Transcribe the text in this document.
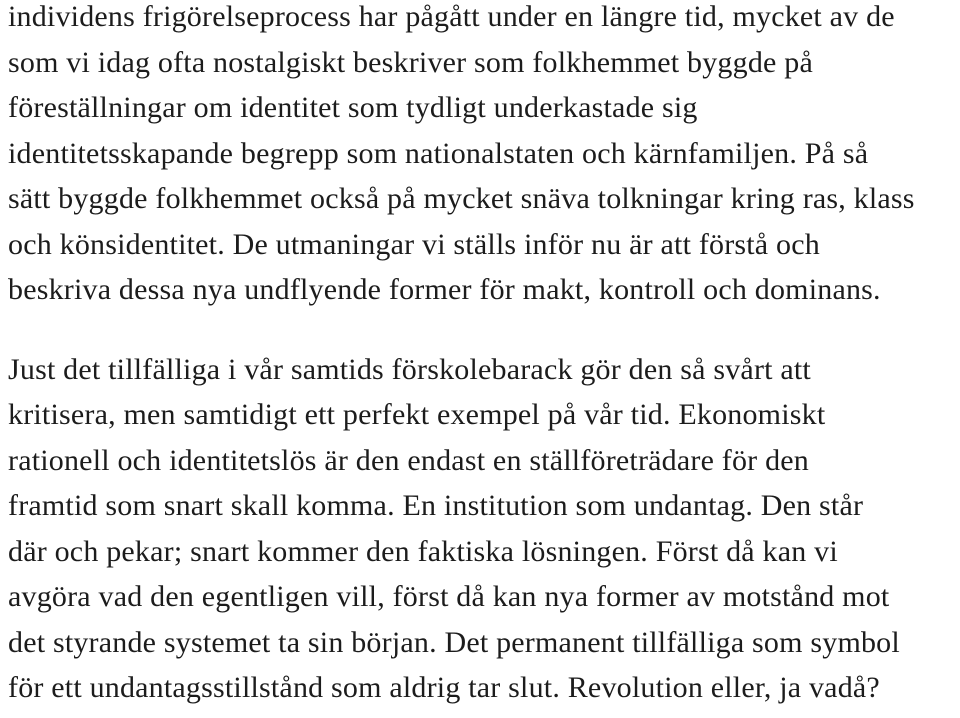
individens frigörelseprocess har pågått under en längre tid, mycket av de
som vi idag ofta nostalgiskt beskriver som folkhemmet byggde på
föreställningar om identitet som tydligt underkastade sig
identitetsskapande begrepp som nationalstaten och kärnfamiljen. På så
sätt byggde folkhemmet också på mycket snäva tolkningar kring ras, klass
och könsidentitet. De utmaningar vi ställs inför nu är att förstå och
beskriva dessa nya undflyende former för makt, kontroll och dominans.
Just det tillfälliga i vår samtids förskolebarack gör den så svårt att
kritisera, men samtidigt ett perfekt exempel på vår tid. Ekonomiskt
rationell och identitetslös är den endast en ställföreträdare för den
framtid som snart skall komma. En institution som undantag. Den står
där och pekar; snart kommer den faktiska lösningen. Först då kan vi
avgöra vad den egentligen vill, först då kan nya former av motstånd mot
det styrande systemet ta sin början. Det permanent tillfälliga som symbol
för ett undantagsstillstånd som aldrig tar slut. Revolution eller, ja vadå?
